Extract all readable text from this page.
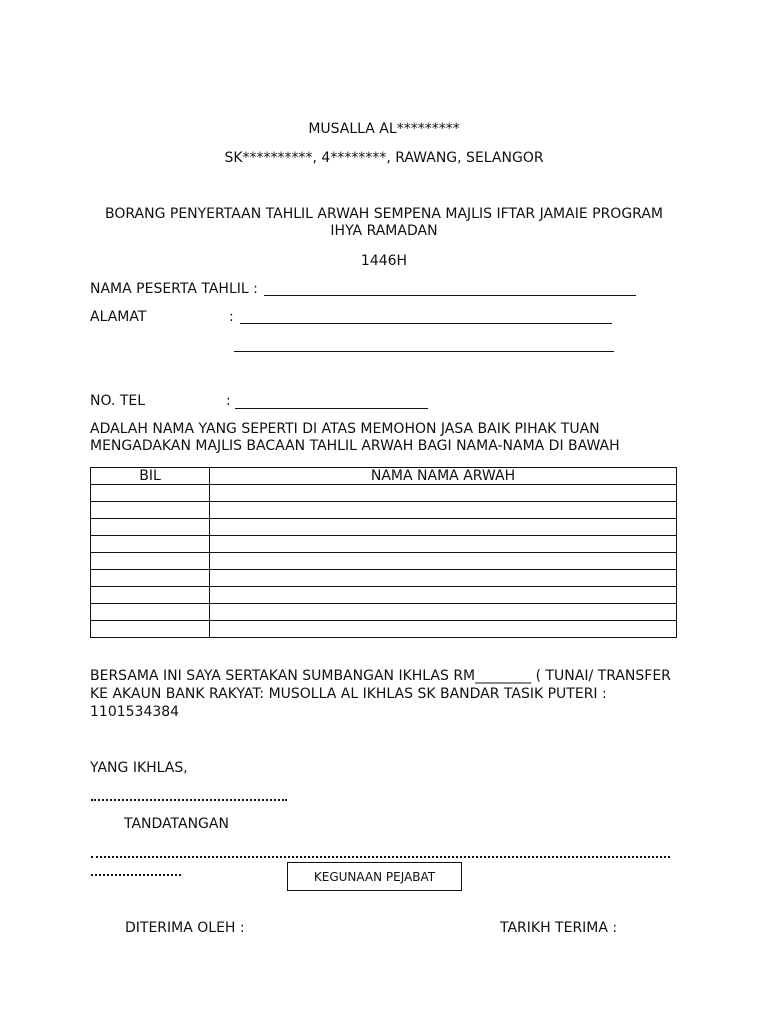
MUSALLA AL*********
SK**********, 4********, RAWANG, SELANGOR
BORANG PENYERTAAN TAHLIL ARWAH SEMPENA MAJLIS IFTAR JAMAIE PROGRAM
IHYA RAMADAN
1446H
NAMA PESERTA TAHLIL :
ALAMAT	:
NO. TEL	:
ADALAH NAMA YANG SEPERTI DI ATAS MEMOHON JASA BAIK PIHAK TUAN
MENGADAKAN MAJLIS BACAAN TAHLIL ARWAH BAGI NAMA-NAMA DI BAWAH
BIL	NAMA NAMA ARWAH

BERSAMA INI SAYA SERTAKAN SUMBANGAN IKHLAS RM________ ( TUNAI/ TRANSFER
KE AKAUN BANK RAKYAT: MUSOLLA AL IKHLAS SK BANDAR TASIK PUTERI :
1101534384
YANG IKHLAS,
TANDATANGAN
KEGUNAAN PEJABAT
DITERIMA OLEH :	TARIKH TERIMA :
